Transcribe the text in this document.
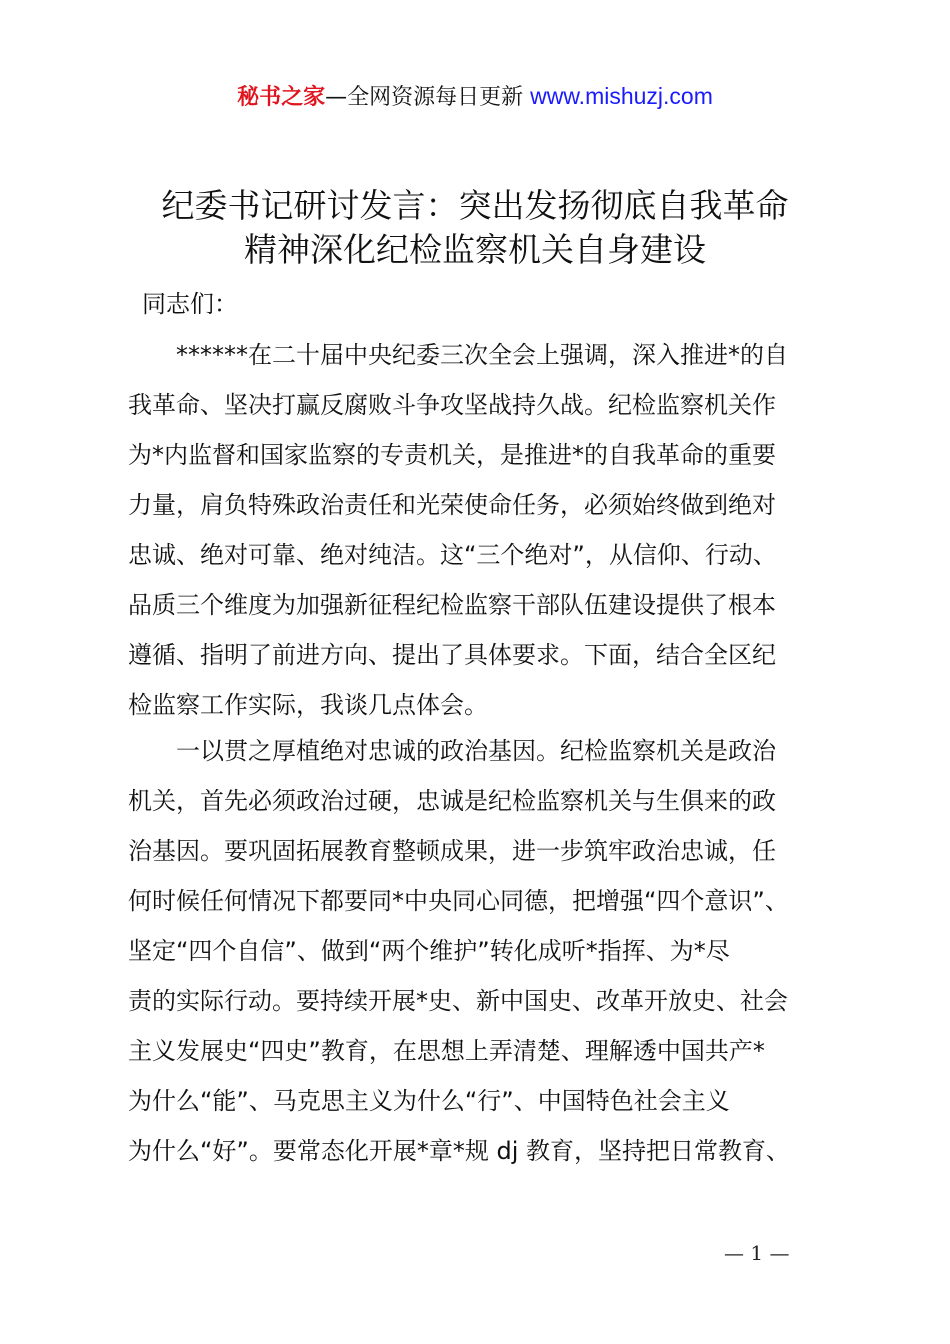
秘书之家—全网资源每日更新 www.mishuzj.com
纪委书记研讨发言：突出发扬彻底自我革命
精神深化纪检监察机关自身建设
同志们：
******在二十届中央纪委三次全会上强调，深入推进*的自
我革命、坚决打赢反腐败斗争攻坚战持久战。纪检监察机关作
为*内监督和国家监察的专责机关，是推进*的自我革命的重要
力量，肩负特殊政治责任和光荣使命任务，必须始终做到绝对
忠诚、绝对可靠、绝对纯洁。这“三个绝对”，从信仰、行动、
品质三个维度为加强新征程纪检监察干部队伍建设提供了根本
遵循、指明了前进方向、提出了具体要求。下面，结合全区纪
检监察工作实际，我谈几点体会。
一以贯之厚植绝对忠诚的政治基因。纪检监察机关是政治
机关，首先必须政治过硬，忠诚是纪检监察机关与生俱来的政
治基因。要巩固拓展教育整顿成果，进一步筑牢政治忠诚，任
何时候任何情况下都要同*中央同心同德，把增强“四个意识”、
坚定“四个自信”、做到“两个维护”转化成听*指挥、为*尽
责的实际行动。要持续开展*史、新中国史、改革开放史、社会
主义发展史“四史”教育，在思想上弄清楚、理解透中国共产*
为什么“能”、马克思主义为什么“行”、中国特色社会主义
为什么“好”。要常态化开展*章*规 dj 教育，坚持把日常教育、
— 1 —
